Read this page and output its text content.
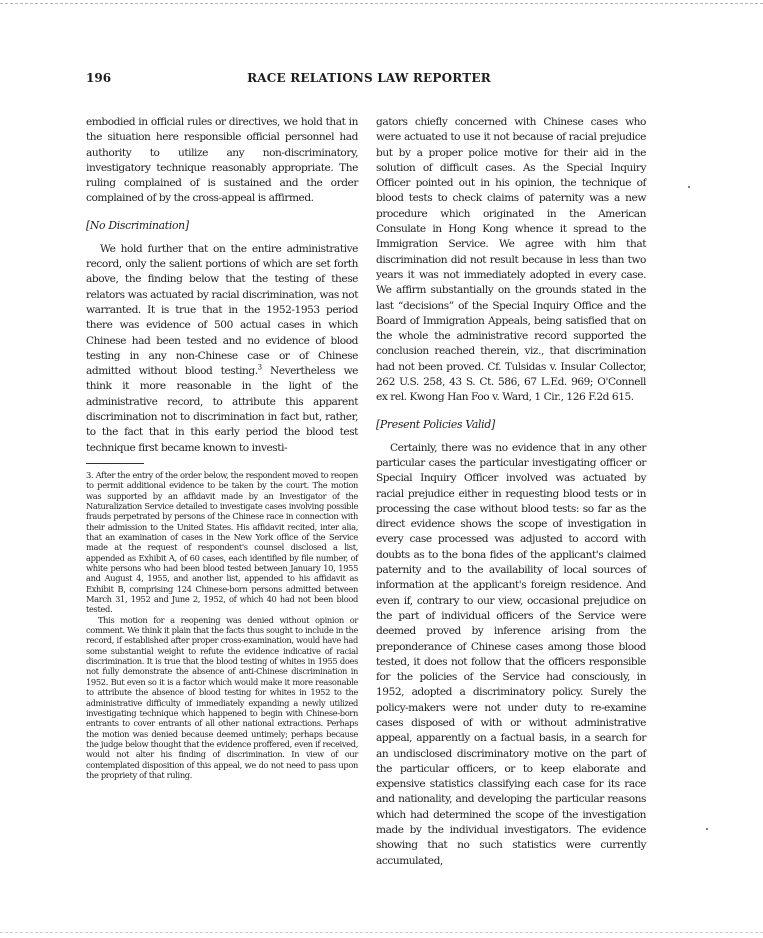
196	RACE RELATIONS LAW REPORTER

embodied in official rules or directives, we hold that in the situation here responsible official personnel had authority to utilize any non-discriminatory, investigatory technique reasonably appropriate. The ruling complained of is sustained and the order complained of by the cross-appeal is affirmed.

[No Discrimination]

We hold further that on the entire administrative record, only the salient portions of which are set forth above, the finding below that the testing of these relators was actuated by racial discrimination, was not warranted. It is true that in the 1952-1953 period there was evidence of 500 actual cases in which Chinese had been tested and no evidence of blood testing in any non-Chinese case or of Chinese admitted without blood testing.$^3$ Nevertheless we think it more reasonable in the light of the administrative record, to attribute this apparent discrimination not to discrimination in fact but, rather, to the fact that in this early period the blood test technique first became known to investi-

3. After the entry of the order below, the respondent moved to reopen to permit additional evidence to be taken by the court. The motion was supported by an affidavit made by an Investigator of the Naturalization Service detailed to investigate cases involving possible frauds perpetrated by persons of the Chinese race in connection with their admission to the United States. His affidavit recited, inter alia, that an examination of cases in the New York office of the Service made at the request of respondent's counsel disclosed a list, appended as Exhibit A, of 60 cases, each identified by file number, of white persons who had been blood tested between January 10, 1955 and August 4, 1955, and another list, appended to his affidavit as Exhibit B, comprising 124 Chinese-born persons admitted between March 31, 1952 and June 2, 1952, of which 40 had not been blood tested.

This motion for a reopening was denied without opinion or comment. We think it plain that the facts thus sought to include in the record, if established after proper cross-examination, would have had some substantial weight to refute the evidence indicative of racial discrimination. It is true that the blood testing of whites in 1955 does not fully demonstrate the absence of anti-Chinese discrimination in 1952. But even so it is a factor which would make it more reasonable to attribute the absence of blood testing for whites in 1952 to the administrative difficulty of immediately expanding a newly utilized investigating technique which happened to begin with Chinese-born entrants to cover entrants of all other national extractions. Perhaps the motion was denied because deemed untimely; perhaps because the judge below thought that the evidence proffered, even if received, would not alter his finding of discrimination. In view of our contemplated disposition of this appeal, we do not need to pass upon the propriety of that ruling.

gators chiefly concerned with Chinese cases who were actuated to use it not because of racial prejudice but by a proper police motive for their aid in the solution of difficult cases. As the Special Inquiry Officer pointed out in his opinion, the technique of blood tests to check claims of paternity was a new procedure which originated in the American Consulate in Hong Kong whence it spread to the Immigration Service. We agree with him that discrimination did not result because in less than two years it was not immediately adopted in every case. We affirm substantially on the grounds stated in the last “decisions” of the Special Inquiry Office and the Board of Immigration Appeals, being satisfied that on the whole the administrative record supported the conclusion reached therein, viz., that discrimination had not been proved. Cf. Tulsidas v. Insular Collector, 262 U.S. 258, 43 S. Ct. 586, 67 L.Ed. 969; O'Connell ex rel. Kwong Han Foo v. Ward, 1 Cir., 126 F.2d 615.

[Present Policies Valid]

Certainly, there was no evidence that in any other particular cases the particular investigating officer or Special Inquiry Officer involved was actuated by racial prejudice either in requesting blood tests or in processing the case without blood tests: so far as the direct evidence shows the scope of investigation in every case processed was adjusted to accord with doubts as to the bona fides of the applicant's claimed paternity and to the availability of local sources of information at the applicant's foreign residence. And even if, contrary to our view, occasional prejudice on the part of individual officers of the Service were deemed proved by inference arising from the preponderance of Chinese cases among those blood tested, it does not follow that the officers responsible for the policies of the Service had consciously, in 1952, adopted a discriminatory policy. Surely the policy-makers were not under duty to re-examine cases disposed of with or without administrative appeal, apparently on a factual basis, in a search for an undisclosed discriminatory motive on the part of the particular officers, or to keep elaborate and expensive statistics classifying each case for its race and nationality, and developing the particular reasons which had determined the scope of the investigation made by the individual investigators. The evidence showing that no such statistics were currently accumulated,
